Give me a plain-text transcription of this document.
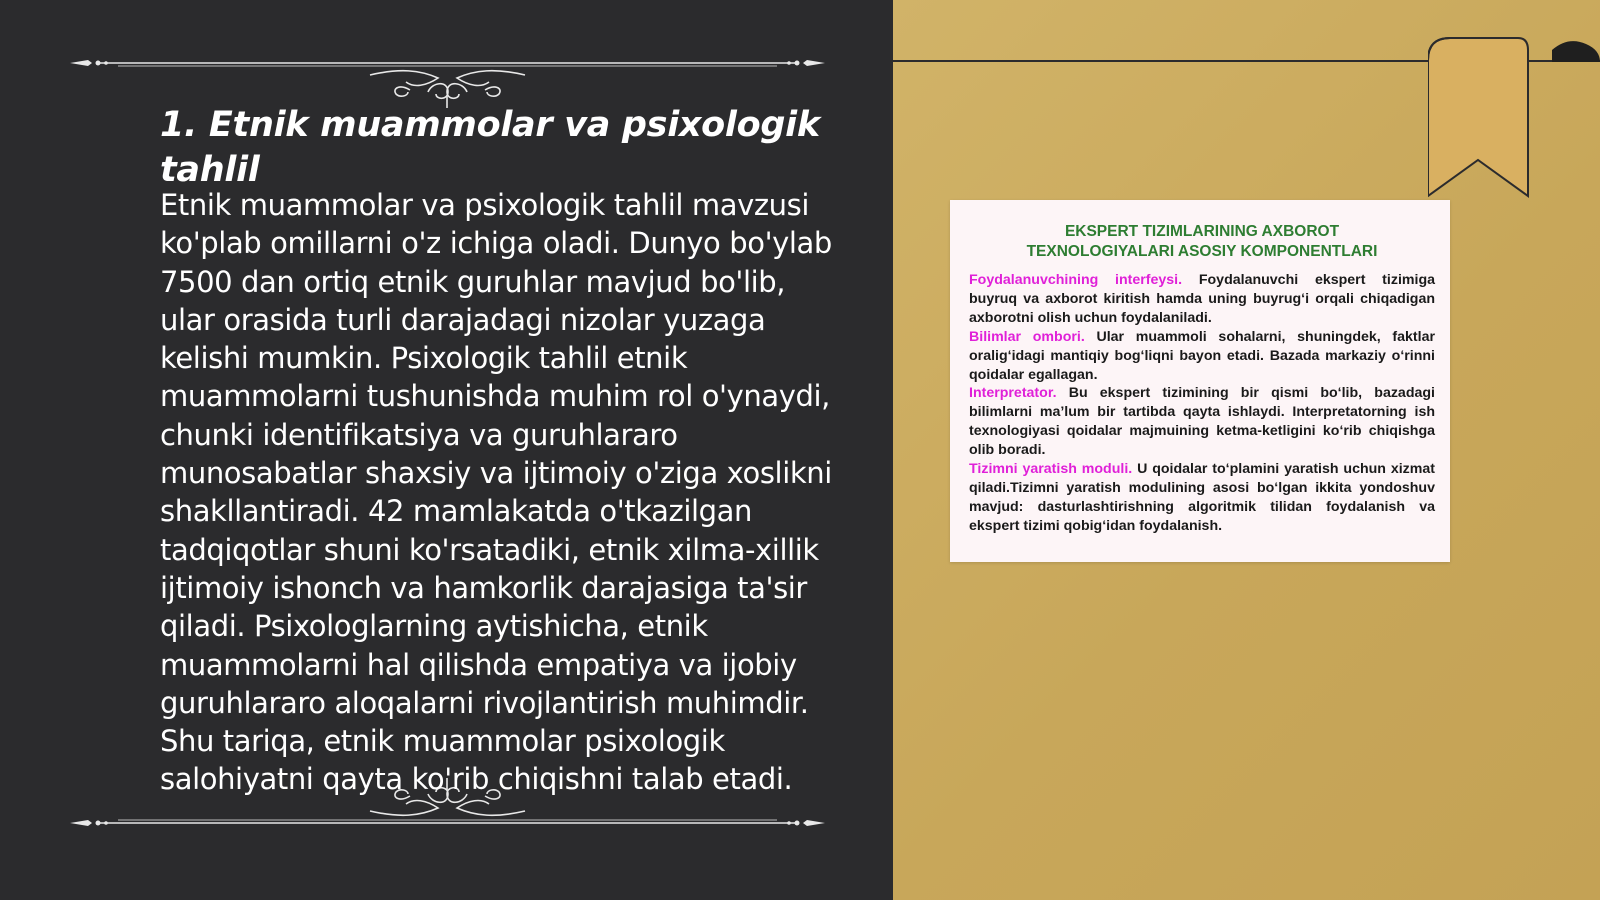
1. Etnik muammolar va psixologik tahlil

Etnik muammolar va psixologik tahlil mavzusi ko'plab omillarni o'z ichiga oladi. Dunyo bo'ylab 7500 dan ortiq etnik guruhlar mavjud bo'lib, ular orasida turli darajadagi nizolar yuzaga kelishi mumkin. Psixologik tahlil etnik muammolarni tushunishda muhim rol o'ynaydi, chunki identifikatsiya va guruhlararo munosabatlar shaxsiy va ijtimoiy o'ziga xoslikni shakllantiradi. 42 mamlakatda o'tkazilgan tadqiqotlar shuni ko'rsatadiki, etnik xilma-xillik ijtimoiy ishonch va hamkorlik darajasiga ta'sir qiladi. Psixologlarning aytishicha, etnik muammolarni hal qilishda empatiya va ijobiy guruhlararo aloqalarni rivojlantirish muhimdir. Shu tariqa, etnik muammolar psixologik salohiyatni qayta ko'rib chiqishni talab etadi.

EKSPERT TIZIMLARINING AXBOROT
TEXNOLOGIYALARI ASOSIY KOMPONENTLARI

Foydalanuvchining interfeysi. Foydalanuvchi ekspert tizimiga buyruq va axborot kiritish hamda uning buyrug‘i orqali chiqadigan axborotni olish uchun foydalaniladi.

Bilimlar ombori. Ular muammoli sohalarni, shuningdek, faktlar oralig‘idagi mantiqiy bog‘liqni bayon etadi. Bazada markaziy o‘rinni qoidalar egallagan.

Interpretator. Bu ekspert tizimining bir qismi bo‘lib, bazadagi bilimlarni ma’lum bir tartibda qayta ishlaydi. Interpretatorning ish texnologiyasi qoidalar majmuining ketma-ketligini ko‘rib chiqishga olib boradi.

Tizimni yaratish moduli. U qoidalar to‘plamini yaratish uchun xizmat qiladi.Tizimni yaratish modulining asosi bo‘lgan ikkita yondoshuv mavjud: dasturlashtirishning algoritmik tilidan foydalanish va ekspert tizimi qobig‘idan foydalanish.
